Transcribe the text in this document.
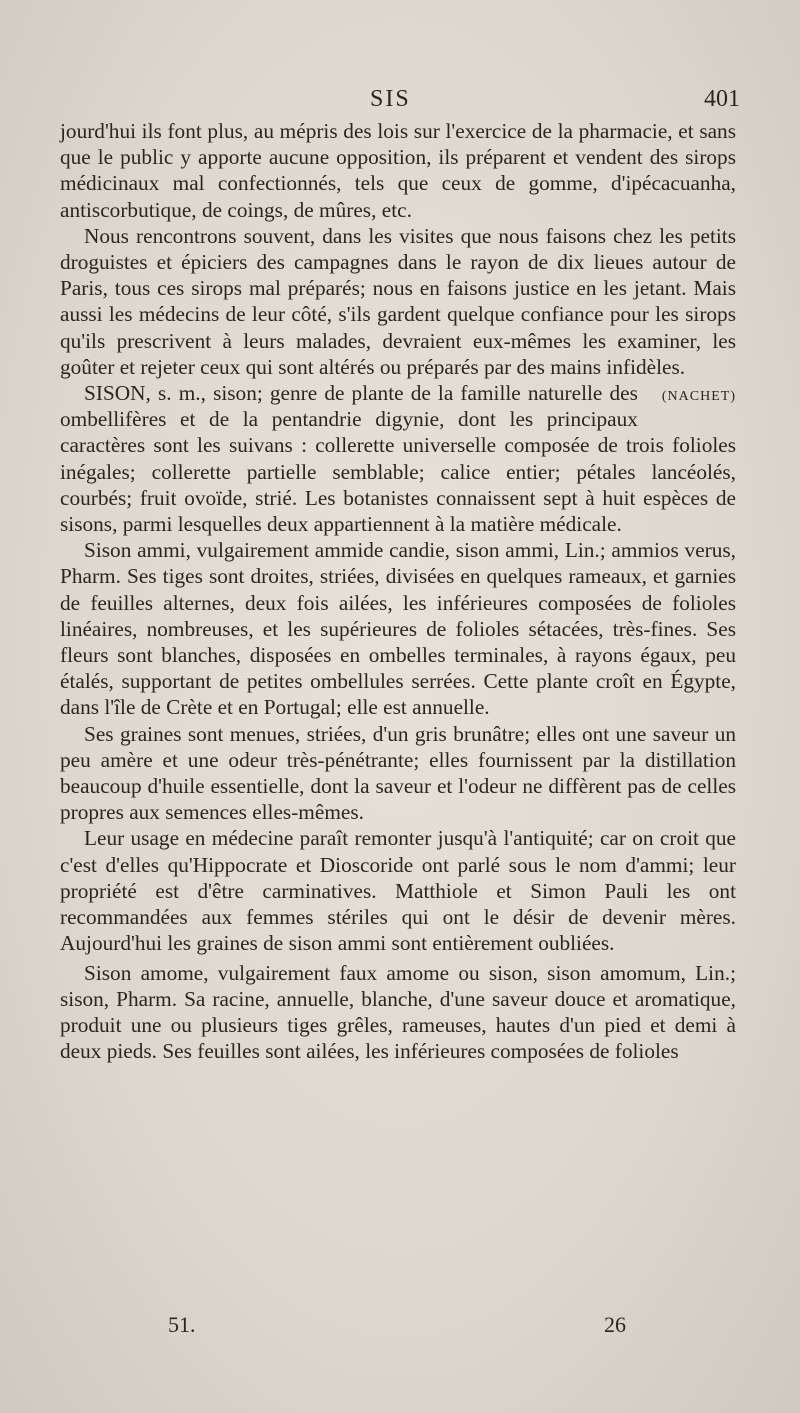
SIS	401

jourd'hui ils font plus, au mépris des lois sur l'exercice de la pharmacie, et sans que le public y apporte aucune opposition, ils préparent et vendent des sirops médicinaux mal confectionnés, tels que ceux de gomme, d'ipécacuanha, antiscorbutique, de coings, de mûres, etc.

Nous rencontrons souvent, dans les visites que nous faisons chez les petits droguistes et épiciers des campagnes dans le rayon de dix lieues autour de Paris, tous ces sirops mal préparés; nous en faisons justice en les jetant. Mais aussi les médecins de leur côté, s'ils gardent quelque confiance pour les sirops qu'ils prescrivent à leurs malades, devraient eux-mêmes les examiner, les goûter et rejeter ceux qui sont altérés ou préparés par des mains infidèles.
(NACHET)

SISON, s. m., sison; genre de plante de la famille naturelle des ombellifères et de la pentandrie digynie, dont les principaux caractères sont les suivans : collerette universelle composée de trois folioles inégales; collerette partielle semblable; calice entier; pétales lancéolés, courbés; fruit ovoïde, strié. Les botanistes connaissent sept à huit espèces de sisons, parmi lesquelles deux appartiennent à la matière médicale.

Sison ammi, vulgairement ammide candie, sison ammi, Lin.; ammios verus, Pharm. Ses tiges sont droites, striées, divisées en quelques rameaux, et garnies de feuilles alternes, deux fois ailées, les inférieures composées de folioles linéaires, nombreuses, et les supérieures de folioles sétacées, très-fines. Ses fleurs sont blanches, disposées en ombelles terminales, à rayons égaux, peu étalés, supportant de petites ombellules serrées. Cette plante croît en Égypte, dans l'île de Crète et en Portugal; elle est annuelle.

Ses graines sont menues, striées, d'un gris brunâtre; elles ont une saveur un peu amère et une odeur très-pénétrante; elles fournissent par la distillation beaucoup d'huile essentielle, dont la saveur et l'odeur ne diffèrent pas de celles propres aux semences elles-mêmes.

Leur usage en médecine paraît remonter jusqu'à l'antiquité; car on croit que c'est d'elles qu'Hippocrate et Dioscoride ont parlé sous le nom d'ammi; leur propriété est d'être carminatives. Matthiole et Simon Pauli les ont recommandées aux femmes stériles qui ont le désir de devenir mères. Aujourd'hui les graines de sison ammi sont entièrement oubliées.

Sison amome, vulgairement faux amome ou sison, sison amomum, Lin.; sison, Pharm. Sa racine, annuelle, blanche, d'une saveur douce et aromatique, produit une ou plusieurs tiges grêles, rameuses, hautes d'un pied et demi à deux pieds. Ses feuilles sont ailées, les inférieures composées de folioles

51.	26
